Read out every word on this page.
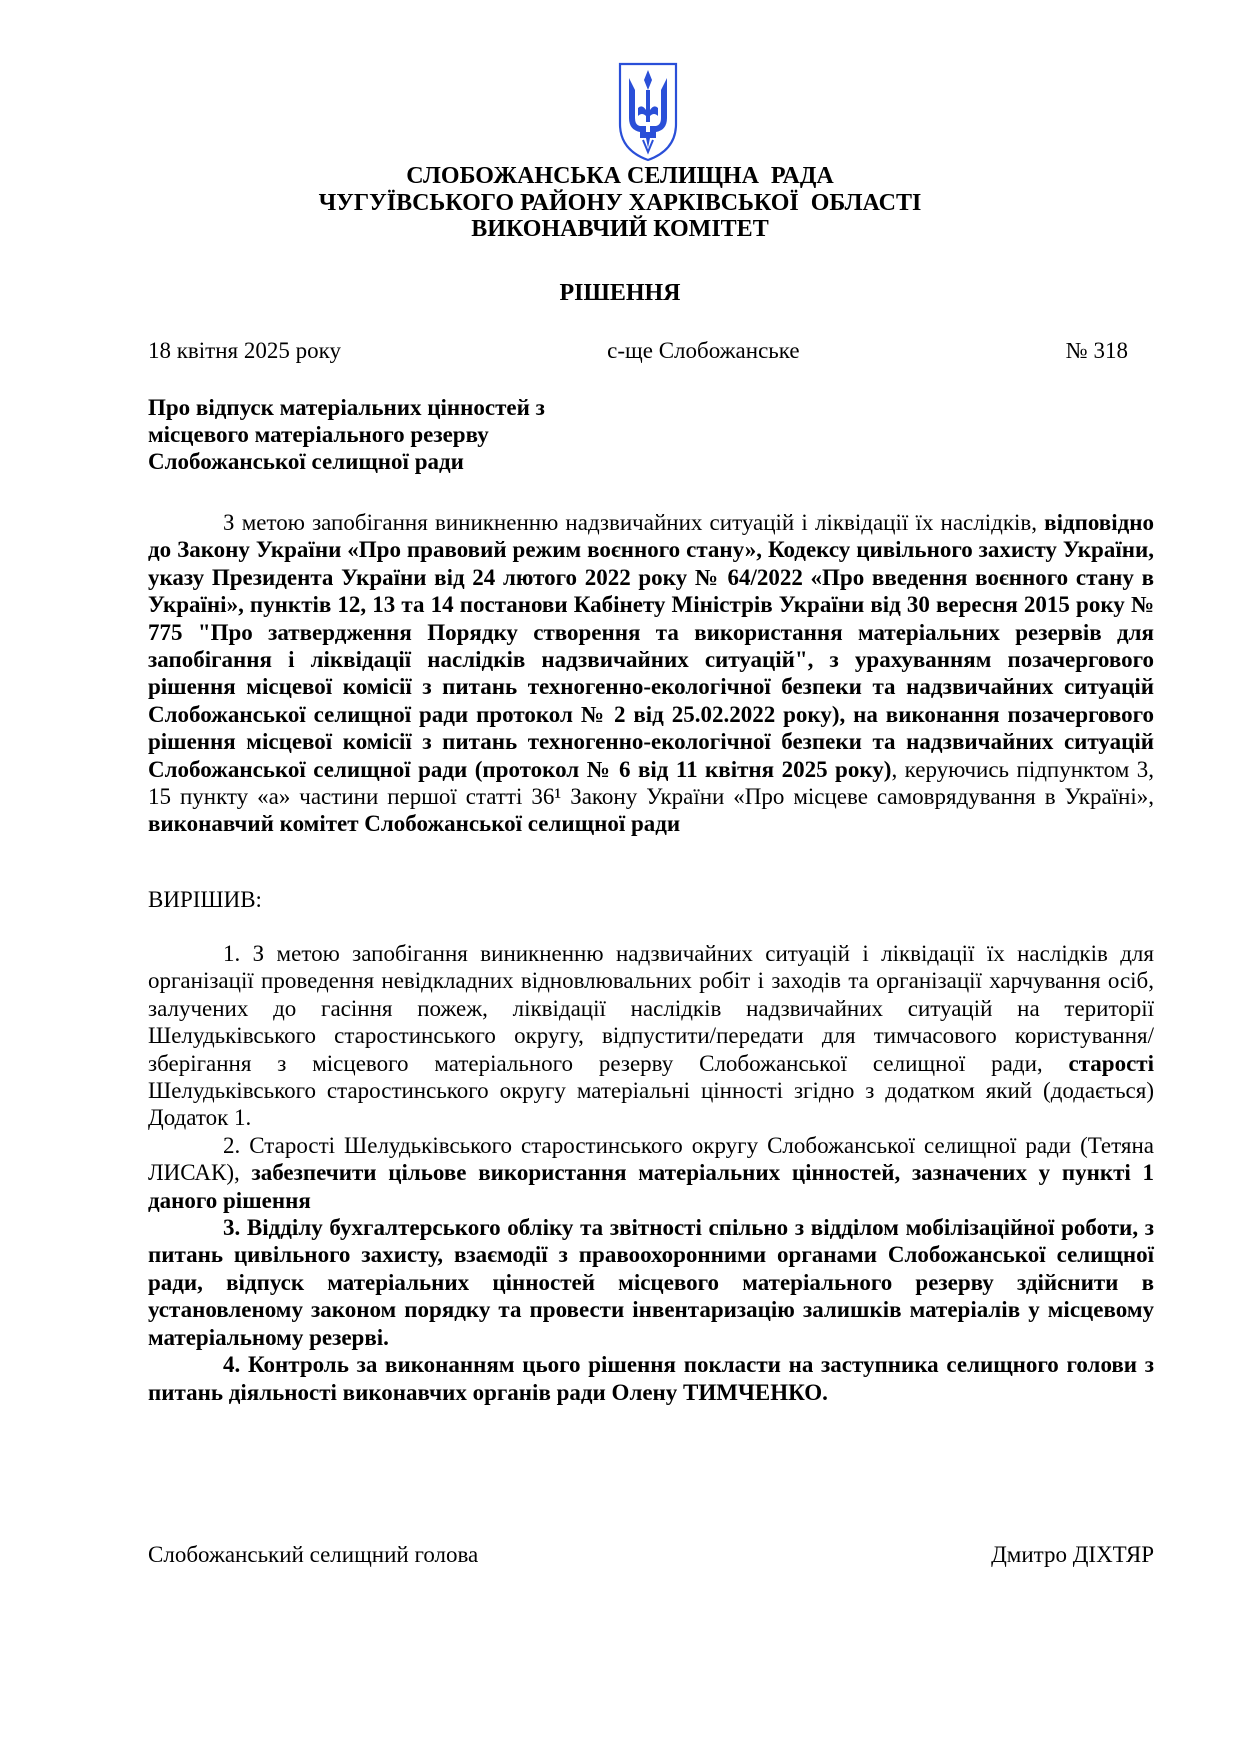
СЛОБОЖАНСЬКА СЕЛИЩНА  РАДА
ЧУГУЇВСЬКОГО РАЙОНУ ХАРКІВСЬКОЇ  ОБЛАСТІ
ВИКОНАВЧИЙ КОМІТЕТ
РІШЕННЯ
18 квітня 2025 року	с-ще Слобожанське	№ 318
Про відпуск матеріальних цінностей з
місцевого матеріального резерву
Слобожанської селищної ради

З метою запобігання виникненню надзвичайних ситуацій і ліквідації їх наслідків, відповідно до Закону України «Про правовий режим воєнного стану», Кодексу цивільного захисту України, указу Президента України від 24 лютого 2022 року № 64/2022 «Про введення воєнного стану в Україні», пунктів 12, 13 та 14 постанови Кабінету Міністрів України від 30 вересня 2015 року № 775 "Про затвердження Порядку створення та використання матеріальних резервів для запобігання і ліквідації наслідків надзвичайних ситуацій", з урахуванням позачергового рішення місцевої комісії з питань техногенно-екологічної безпеки та надзвичайних ситуацій Слобожанської селищної ради протокол № 2 від 25.02.2022 року), на виконання позачергового рішення місцевої комісії з питань техногенно-екологічної безпеки та надзвичайних ситуацій Слобожанської селищної ради (протокол № 6 від 11 квітня 2025 року), керуючись підпунктом 3, 15 пункту «а» частини першої статті 36¹ Закону України «Про місцеве самоврядування в Україні», виконавчий комітет Слобожанської селищної ради

ВИРІШИВ:

1. З метою запобігання виникненню надзвичайних ситуацій і ліквідації їх наслідків для організації проведення невідкладних відновлювальних робіт і заходів та організації харчування осіб, залучених до гасіння пожеж, ліквідації наслідків надзвичайних ситуацій на території Шелудьківського старостинського округу, відпустити/передати для тимчасового користування/зберігання з місцевого матеріального резерву Слобожанської селищної ради, старості Шелудьківського старостинського округу матеріальні цінності згідно з додатком який (додається) Додаток 1.

2. Старості Шелудьківського старостинського округу Слобожанської селищної ради (Тетяна ЛИСАК), забезпечити цільове використання матеріальних цінностей, зазначених у пункті 1 даного рішення

3. Відділу бухгалтерського обліку та звітності спільно з відділом мобілізаційної роботи, з питань цивільного захисту, взаємодії з правоохоронними органами Слобожанської селищної ради, відпуск матеріальних цінностей місцевого матеріального резерву здійснити в установленому законом порядку та провести інвентаризацію залишків матеріалів у місцевому матеріальному резерві.

4. Контроль за виконанням цього рішення покласти на заступника селищного голови з питань діяльності виконавчих органів ради Олену ТИМЧЕНКО.

Слобожанський селищний голова	Дмитро ДІХТЯР
